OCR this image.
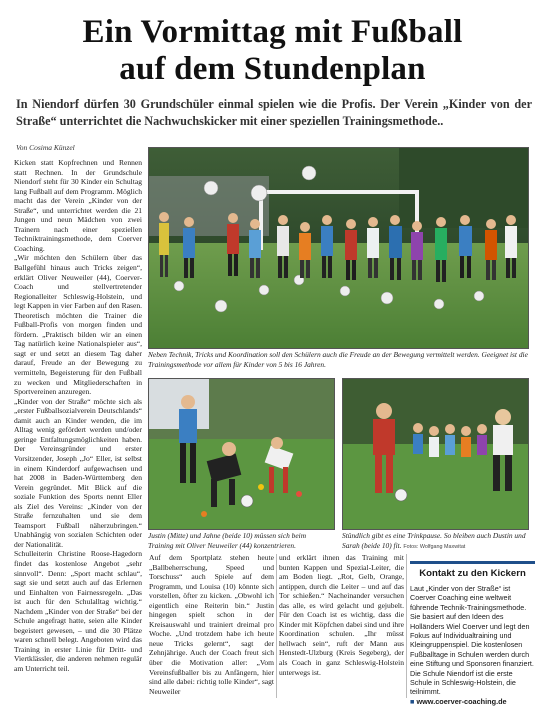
Ein Vormittag mit Fußball
auf dem Stundenplan
In Niendorf dürfen 30 Grundschüler einmal spielen wie die Profis. Der Verein „Kinder von der Straße“ unterrichtet die Nachwuchskicker mit einer speziellen Trainingsmethode..
Von Cosima Künzel

Kicken statt Kopfrechnen und Rennen statt Rechnen. In der Grundschule Niendorf steht für 30 Kinder ein Schultag lang Fußball auf dem Programm. Möglich macht das der Verein „Kinder von der Straße“, und unterrichtet werden die 21 Jungen und neun Mädchen von zwei Trainern nach einer speziellen Techniktrainingsmethode, dem Coerver Coaching.

„Wir möchten den Schülern über das Ballgefühl hinaus auch Tricks zeigen“, erklärt Oliver Neuweiler (44), Coerver-Coach und stellvertretender Regionalleiter Schleswig-Holstein, und legt Kappen in vier Farben auf den Rasen. Theoretisch möchten die Trainer die Fußball-Profis von morgen finden und fördern. „Praktisch bilden wir an einen Tag natürlich keine Nationalspieler aus“, sagt er und setzt an diesem Tag daher darauf, Freude an der Bewegung zu vermitteln, Begeisterung für den Fußball zu wecken und Mitgliederschaften in Sportvereinen anzuregen.

„Kinder von der Straße“ möchte sich als „erster Fußballsozialverein Deutschlands“ damit auch an Kinder wenden, die im Alltag wenig gefördert werden und/oder geringe Entfaltungsmöglichkeiten haben. Der Vereinsgründer und erster Vorsitzender, Joseph „Jo“ Eller, ist selbst in einem Kinderdorf aufgewachsen und hat 2008 in Baden-Württemberg den Verein gegründet. Mit Blick auf die soziale Funktion des Sports nennt Eller als Ziel des Vereins: „Kinder von der Straße fernzuhalten und sie dem Teamsport Fußball näherzubringen.“ Unabhängig von sozialen Schichten oder der Nationalität.

Schulleiterin Christine Roose-Hagedorn findet das kostenlose Angebot „sehr sinnvoll“. Denn: „Sport macht schlau“, sagt sie und setzt auch auf das Erlernen und Einhalten von Fairnessregeln. „Das ist auch für den Schulalltag wichtig.“ Nachdem „Kinder von der Straße“ bei der Schule angefragt hatte, seien alle Kinder begeistert gewesen, – und die 30 Plätze waren schnell belegt. Angeboten wird das Training in erster Linie für Dritt- und Viertklässler, die anderen nehmen regulär am Unterricht teil.

Neben Technik, Tricks und Koordination soll den Schülern auch die Freude an der Bewegung vermittelt werden. Geeignet ist die Trainingsmethode vor allem für Kinder von 5 bis 16 Jahren.
Justin (Mitte) und Jahne (beide 10) müssen sich beim Training mit Oliver Neuweiler (44) konzentrieren.
Stündlich gibt es eine Trinkpause. So bleiben auch Dustin und Sarah (beide 10) fit. Fotos: Wolfgang Maxwitat
Auf dem Sportplatz stehen heute „Ballbeherrschung, Speed und Torschuss“ auch Spiele auf dem Programm, und Louisa (10) könnte sich vorstellen, öfter zu kicken. „Obwohl ich eigentlich eine Reiterin bin.“ Justin hingegen spielt schon in der Kreisauswahl und trainiert dreimal pro Woche. „Und trotzdem habe ich heute neue Tricks gelernt“, sagt der Zehnjährige. Auch der Coach freut sich über die Motivation aller: „Vom Vereinsfußballer bis zu Anfängern, hier sind alle dabei: richtig tolle Kinder“, sagt Neuweiler
und erklärt ihnen das Training mit bunten Kappen und Spezial-Leiter, die am Boden liegt. „Rot, Gelb, Orange, antippen, durch die Leiter – und auf das Tor schießen.“ Nacheinander versuchen das alle, es wird gelacht und gejubelt. Für den Coach ist es wichtig, dass die Kinder mit Köpfchen dabei sind und ihre Koordination schulen. „Ihr müsst hellwach sein“, ruft der Mann aus Henstedt-Ulzburg (Kreis Segeberg), der als Coach in ganz Schleswig-Holstein unterwegs ist.
Kontakt zu den Kickern
Laut „Kinder von der Straße“ ist Coerver Coaching eine weltweit führende Technik-Trainingsmethode. Sie basiert auf den Ideen des Holländers Wiel Coerver und legt den Fokus auf Individualtraining und Kleingruppenspiel. Die kostenlosen Fußballtage in Schulen werden durch eine Stiftung und Sponsoren finanziert. Die Schule Niendorf ist die erste Schule in Schleswig-Holstein, die teilnimmt.
■ www.coerver-coaching.de
